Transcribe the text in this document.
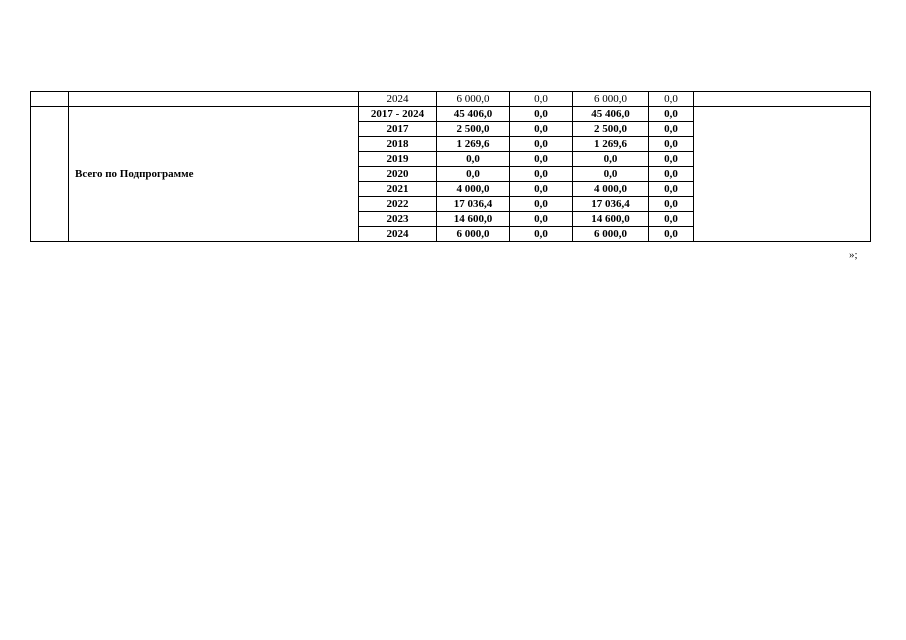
		2024	6 000,0	0,0	6 000,0	0,0	
	Всего по Подпрограмме	2017 - 2024	45 406,0	0,0	45 406,0	0,0	
		2017	2 500,0	0,0	2 500,0	0,0	
		2018	1 269,6	0,0	1 269,6	0,0	
		2019	0,0	0,0	0,0	0,0	
		2020	0,0	0,0	0,0	0,0	
		2021	4 000,0	0,0	4 000,0	0,0	
		2022	17 036,4	0,0	17 036,4	0,0	
		2023	14 600,0	0,0	14 600,0	0,0	
		2024	6 000,0	0,0	6 000,0	0,0	
»;
